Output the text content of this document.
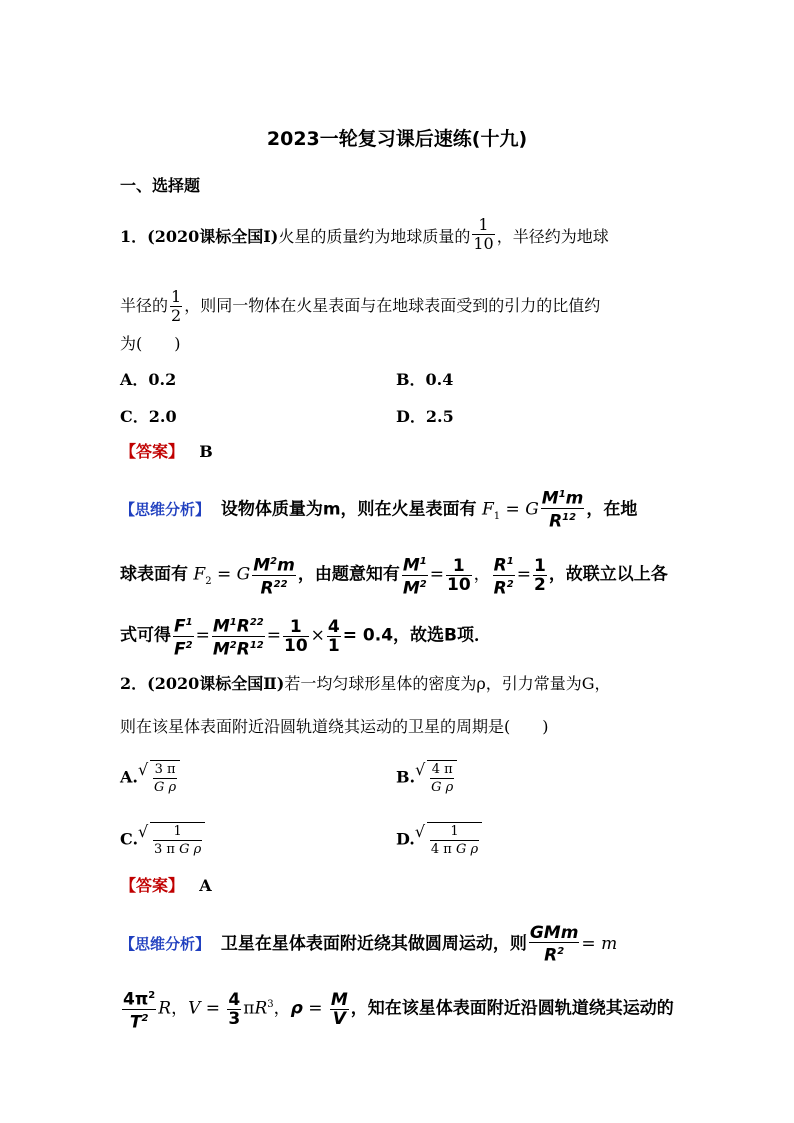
2023一轮复习课后速练(十九)
一、选择题
1．(2020课标全国Ⅰ)火星的质量约为地球质量的 $\frac{1}{10}$ ，半径约为地球
半径的 $\frac{1}{2}$ ，则同一物体在火星表面与在地球表面受到的引力的比值约
为(　　)
A．0.2	B．0.4
C．2.0	D．2.5
【答案】 B
【思维分析】 设物体质量为m，则在火星表面有 $F_1 = G \frac{M^1m}{R^{12}}$ ，在地
球表面有 $F_2 = G \frac{M^2m}{R^{22}}$ ，由题意知有 $\frac{M^1}{M^2} = \frac{1}{10}$ ， $\frac{R^1}{R^2} = \frac{1}{2}$ ，故联立以上各
式可得 $\frac{F^1}{F^2} = \frac{M^1R^{22}}{M^2R^{12}} = \frac{1}{10} \times \frac{4}{1} = 0.4$，故选B项．
2．(2020课标全国Ⅱ)若一均匀球形星体的密度为ρ，引力常量为G，
则在该星体表面附近沿圆轨道绕其运动的卫星的周期是(　　)
A. √ $\frac{3 \pi}{\text{G ρ}}$	B. √ $\frac{4 \pi}{\text{G ρ}}$
C. √ $\frac{1}{\text{3 π G ρ}}$	D. √ $\frac{1}{\text{4 π G ρ}}$
【答案】 A
【思维分析】 卫星在星体表面附近绕其做圆周运动，则 $\frac{\text{GMm}}{R^2} = m$
$\frac{4\pi^2}{T^2}$ R，$V = \frac{4}{3} \pi R^3$，$\rho = \frac{M}{V}$ ，知在该星体表面附近沿圆轨道绕其运动的
